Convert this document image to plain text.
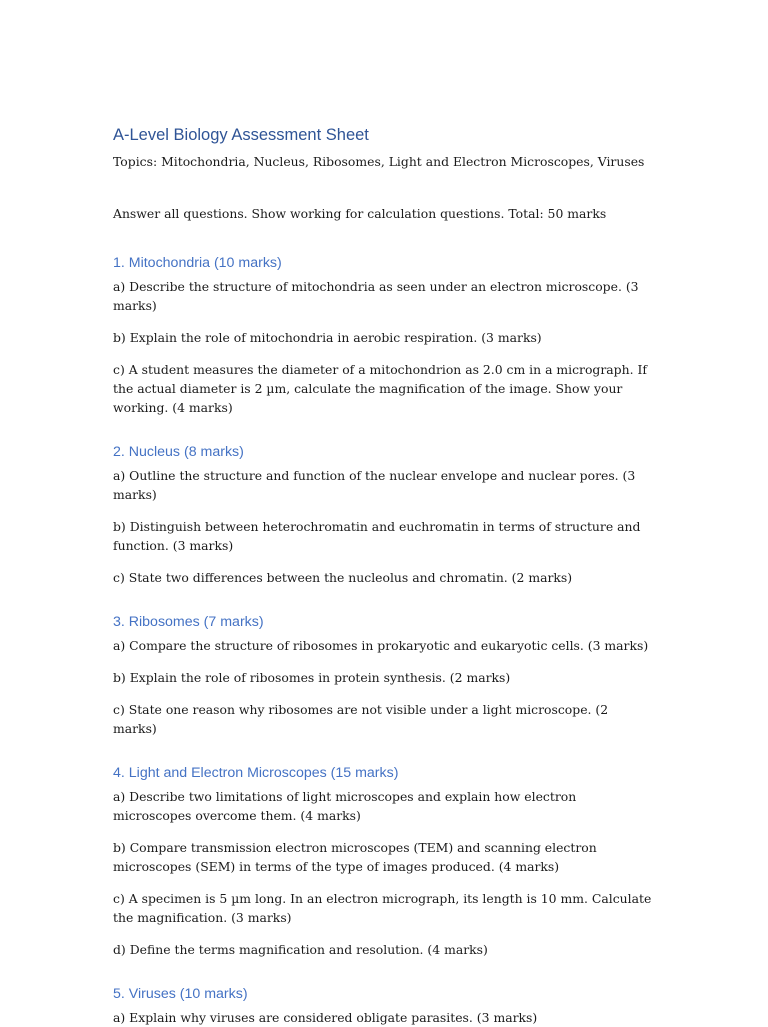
A-Level Biology Assessment Sheet

Topics: Mitochondria, Nucleus, Ribosomes, Light and Electron Microscopes, Viruses

Answer all questions. Show working for calculation questions. Total: 50 marks

1. Mitochondria (10 marks)

a) Describe the structure of mitochondria as seen under an electron microscope. (3 marks)

b) Explain the role of mitochondria in aerobic respiration. (3 marks)

c) A student measures the diameter of a mitochondrion as 2.0 cm in a micrograph. If the actual diameter is 2 µm, calculate the magnification of the image. Show your working. (4 marks)

2. Nucleus (8 marks)

a) Outline the structure and function of the nuclear envelope and nuclear pores. (3 marks)

b) Distinguish between heterochromatin and euchromatin in terms of structure and function. (3 marks)

c) State two differences between the nucleolus and chromatin. (2 marks)

3. Ribosomes (7 marks)

a) Compare the structure of ribosomes in prokaryotic and eukaryotic cells. (3 marks)

b) Explain the role of ribosomes in protein synthesis. (2 marks)

c) State one reason why ribosomes are not visible under a light microscope. (2 marks)

4. Light and Electron Microscopes (15 marks)

a) Describe two limitations of light microscopes and explain how electron microscopes overcome them. (4 marks)

b) Compare transmission electron microscopes (TEM) and scanning electron microscopes (SEM) in terms of the type of images produced. (4 marks)

c) A specimen is 5 µm long. In an electron micrograph, its length is 10 mm. Calculate the magnification. (3 marks)

d) Define the terms magnification and resolution. (4 marks)

5. Viruses (10 marks)

a) Explain why viruses are considered obligate parasites. (3 marks)
